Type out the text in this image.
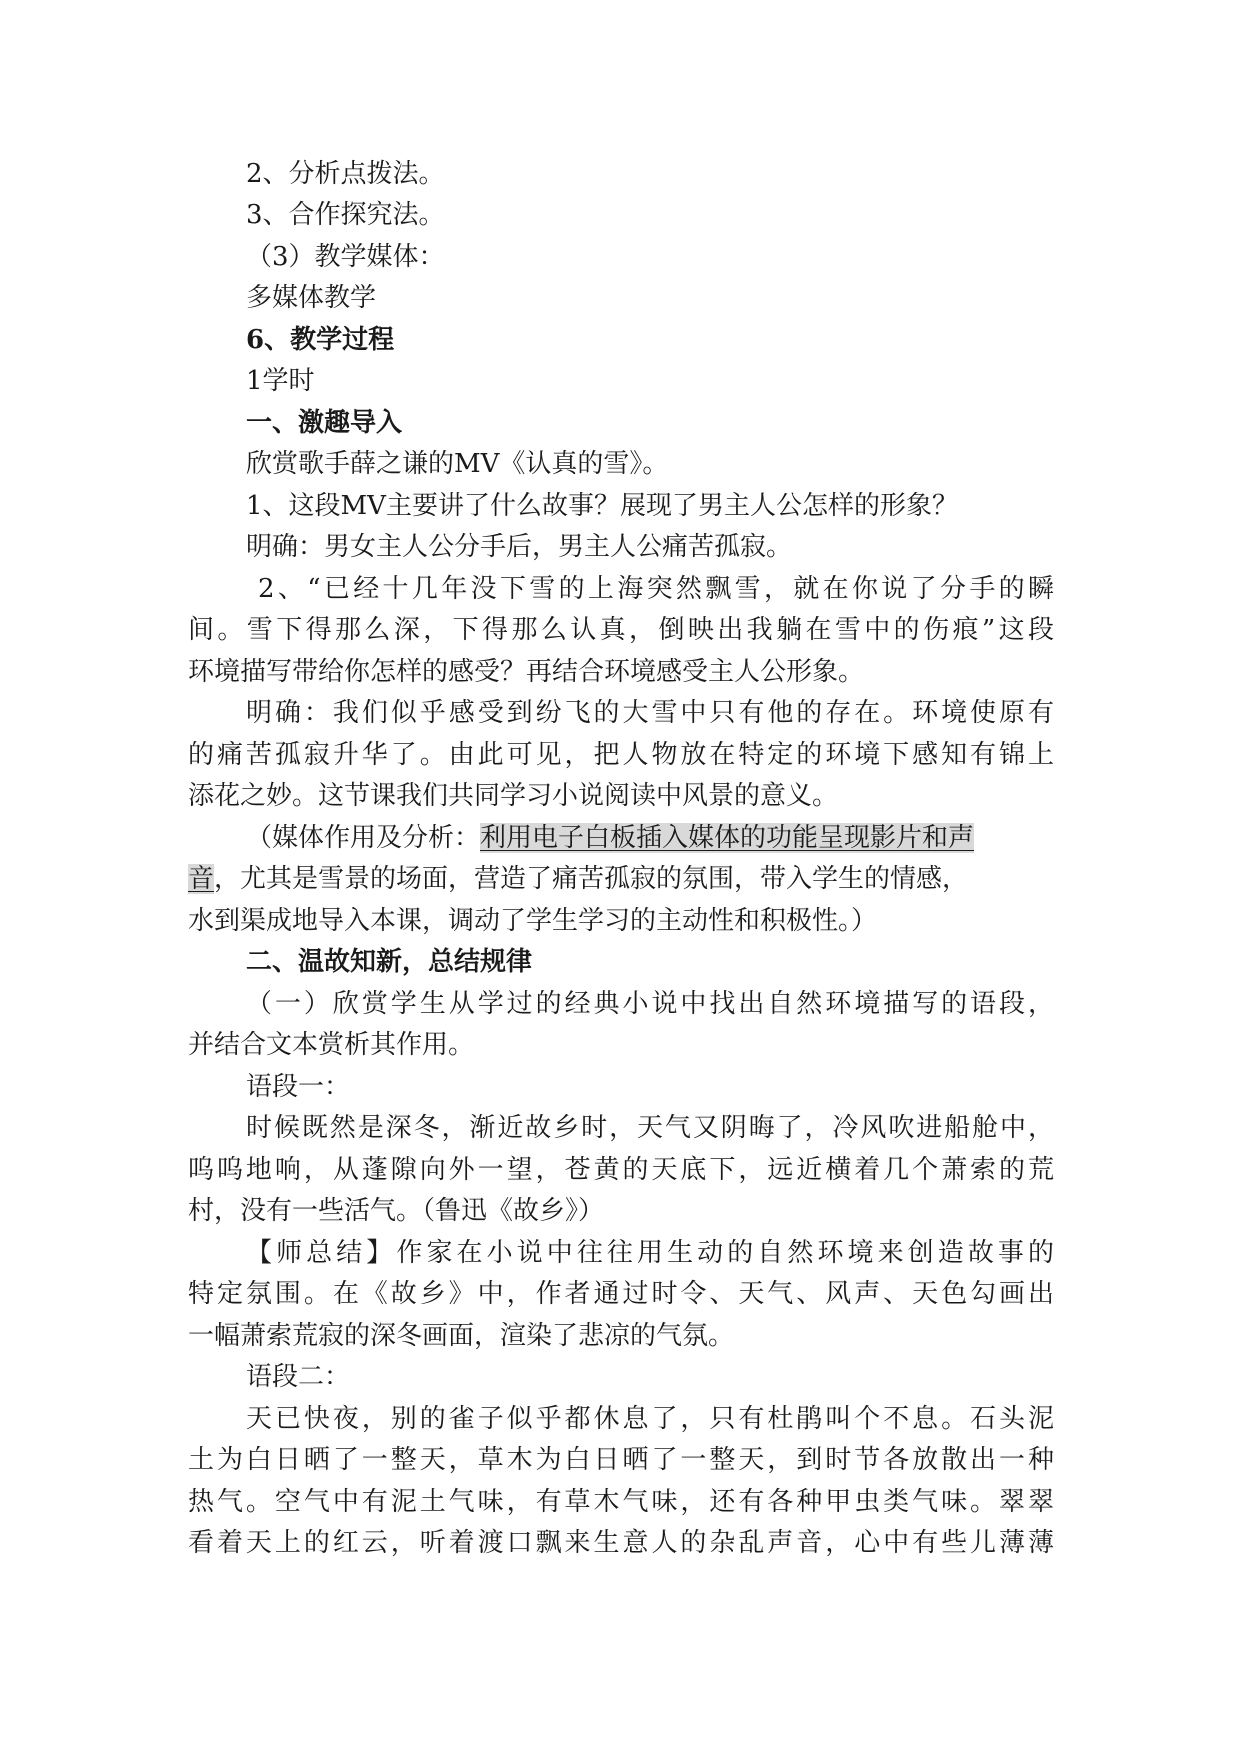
2、分析点拨法。

3、合作探究法。

（3）教学媒体：

多媒体教学

6、教学过程

1学时

一、激趣导入

欣赏歌手薛之谦的MV《认真的雪》。

1、这段MV主要讲了什么故事？展现了男主人公怎样的形象？

明确：男女主人公分手后，男主人公痛苦孤寂。

2、“已经十几年没下雪的上海突然飘雪，就在你说了分手的瞬

间。雪下得那么深，下得那么认真，倒映出我躺在雪中的伤痕”这段

环境描写带给你怎样的感受？再结合环境感受主人公形象。

明确：我们似乎感受到纷飞的大雪中只有他的存在。环境使原有

的痛苦孤寂升华了。由此可见，把人物放在特定的环境下感知有锦上

添花之妙。这节课我们共同学习小说阅读中风景的意义。

（媒体作用及分析：利用电子白板插入媒体的功能呈现影片和声

音，尤其是雪景的场面，营造了痛苦孤寂的氛围，带入学生的情感，

水到渠成地导入本课，调动了学生学习的主动性和积极性。）

二、温故知新，总结规律

（一）欣赏学生从学过的经典小说中找出自然环境描写的语段，

并结合文本赏析其作用。

语段一：

时候既然是深冬，渐近故乡时，天气又阴晦了，冷风吹进船舱中，

呜呜地响，从蓬隙向外一望，苍黄的天底下，远近横着几个萧索的荒

村，没有一些活气。（鲁迅《故乡》）

【师总结】作家在小说中往往用生动的自然环境来创造故事的

特定氛围。在《故乡》中，作者通过时令、天气、风声、天色勾画出

一幅萧索荒寂的深冬画面，渲染了悲凉的气氛。

语段二：

天已快夜，别的雀子似乎都休息了，只有杜鹃叫个不息。石头泥

土为白日晒了一整天，草木为白日晒了一整天，到时节各放散出一种

热气。空气中有泥土气味，有草木气味，还有各种甲虫类气味。翠翠

看着天上的红云，听着渡口飘来生意人的杂乱声音，心中有些儿薄薄
